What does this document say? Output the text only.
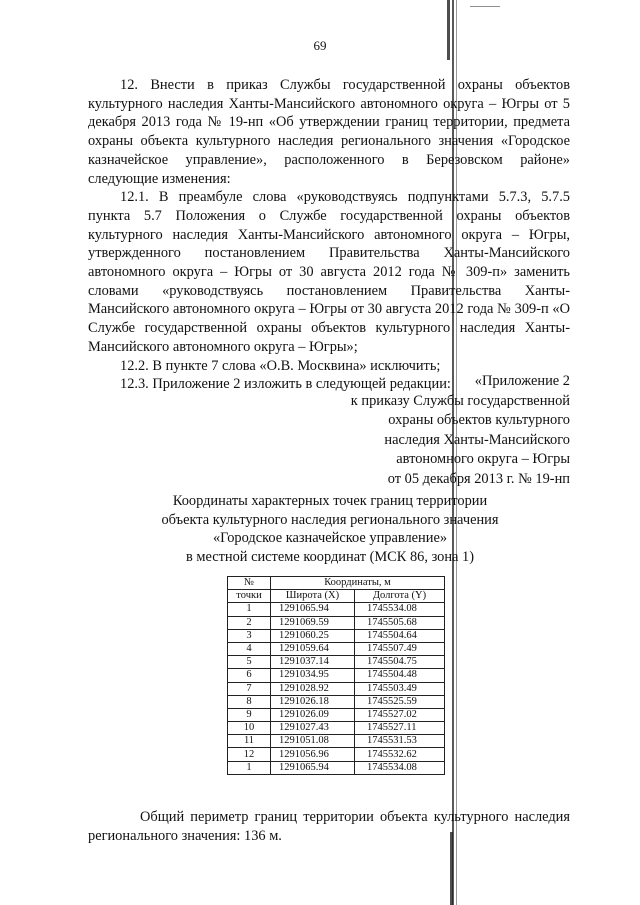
69

12. Внести в приказ Службы государственной охраны объектов культурного наследия Ханты-Мансийского автономного округа – Югры от 5 декабря 2013 года № 19-нп «Об утверждении границ территории, предмета охраны объекта культурного наследия регионального значения «Городское казначейское управление», расположенного в Березовском районе» следующие изменения:

12.1. В преамбуле слова «руководствуясь подпунктами 5.7.3, 5.7.5 пункта 5.7 Положения о Службе государственной охраны объектов культурного наследия Ханты-Мансийского автономного округа – Югры, утвержденного постановлением Правительства Ханты-Мансийского автономного округа – Югры от 30 августа 2012 года № 309-п» заменить словами «руководствуясь постановлением Правительства Ханты-Мансийского автономного округа – Югры от 30 августа 2012 года № 309-п «О Службе государственной охраны объектов культурного наследия Ханты-Мансийского автономного округа – Югры»;

12.2. В пункте 7 слова «О.В. Москвина» исключить;

12.3. Приложение 2 изложить в следующей редакции:	«Приложение 2
к приказу Службы государственной
охраны объектов культурного
наследия Ханты-Мансийского
автономного округа – Югры
от 05 декабря 2013 г. № 19-нп
Координаты характерных точек границ территории
объекта культурного наследия регионального значения
«Городское казначейское управление»
в местной системе координат (МСК 86, зона 1)
№	Координаты, м	
точки	Широта (X)	Долгота (Y)
1	1291065.94	1745534.08
2	1291069.59	1745505.68
3	1291060.25	1745504.64
4	1291059.64	1745507.49
5	1291037.14	1745504.75
6	1291034.95	1745504.48
7	1291028.92	1745503.49
8	1291026.18	1745525.59
9	1291026.09	1745527.02
10	1291027.43	1745527.11
11	1291051.08	1745531.53
12	1291056.96	1745532.62
1	1291065.94	1745534.08

Общий периметр границ территории объекта культурного наследия регионального значения: 136 м.
